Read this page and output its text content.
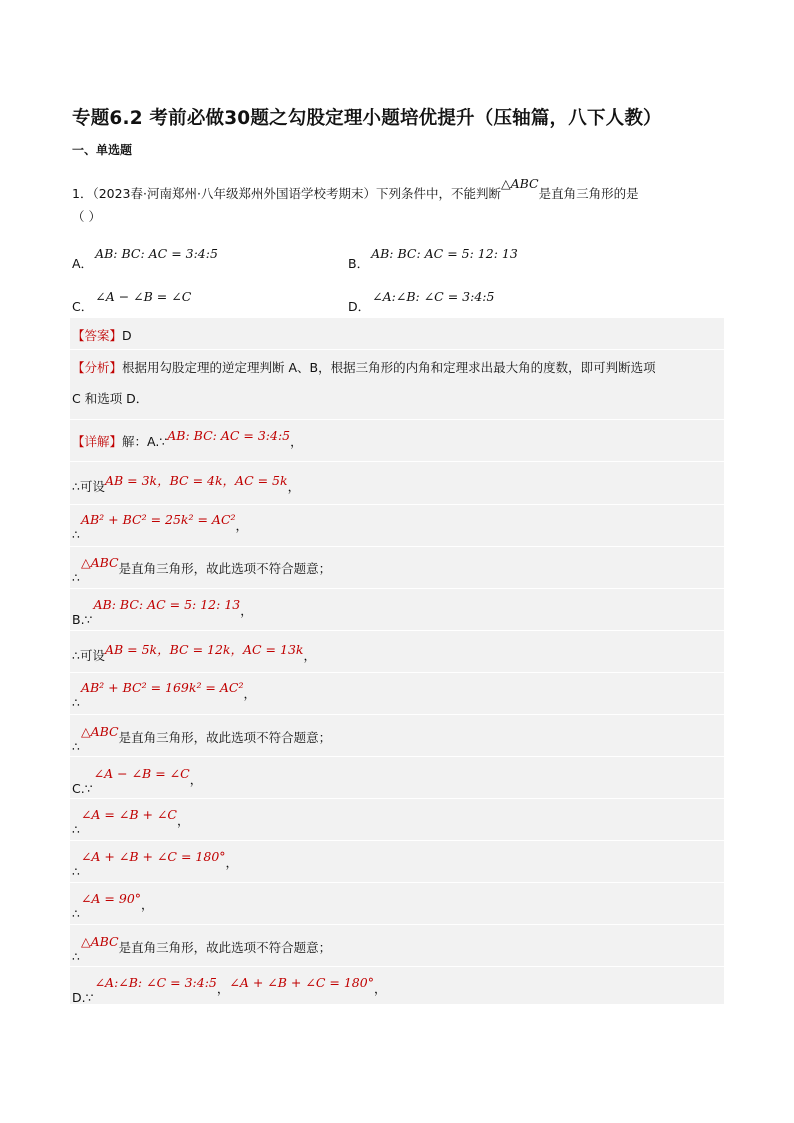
专题6.2 考前必做30题之勾股定理小题培优提升（压轴篇，八下人教）
一、单选题
1．（2023春·河南郑州·八年级郑州外国语学校考期末）下列条件中，不能判断△ABC是直角三角形的是
（ ）
A．AB: BC: AC = 3:4:5
B．AB: BC: AC = 5: 12: 13
C．∠A − ∠B = ∠C
D．∠A:∠B: ∠C = 3:4:5
【答案】D
【分析】根据用勾股定理的逆定理判断 A、B，根据三角形的内角和定理求出最大角的度数，即可判断选项
C 和选项 D．
【详解】解：A.∵AB: BC: AC = 3:4:5，
∴可设AB = 3k，BC = 4k，AC = 5k，
∴AB² + BC² = 25k² = AC²，
∴△ABC是直角三角形，故此选项不符合题意；
B.∵AB: BC: AC = 5: 12: 13，
∴可设AB = 5k，BC = 12k，AC = 13k，
∴AB² + BC² = 169k² = AC²，
∴△ABC是直角三角形，故此选项不符合题意；
C.∵∠A − ∠B = ∠C，
∴∠A = ∠B + ∠C，
∴∠A + ∠B + ∠C = 180°，
∴∠A = 90°，
∴△ABC是直角三角形，故此选项不符合题意；
D.∵∠A:∠B: ∠C = 3:4:5，∠A + ∠B + ∠C = 180°，
